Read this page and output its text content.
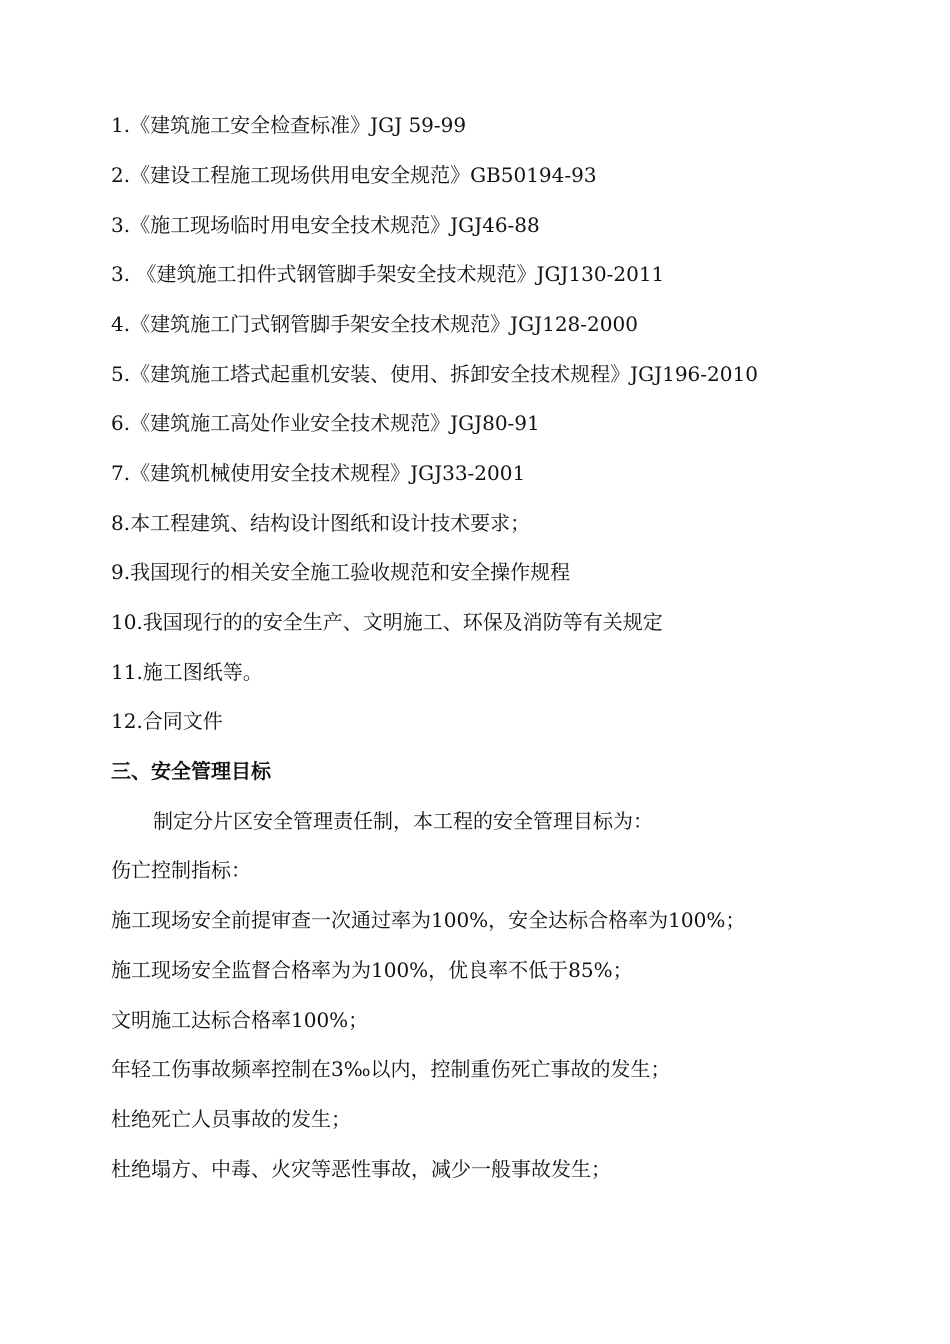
1.《建筑施工安全检查标准》JGJ 59-99
2.《建设工程施工现场供用电安全规范》GB50194-93
3.《施工现场临时用电安全技术规范》JGJ46-88
3. 《建筑施工扣件式钢管脚手架安全技术规范》JGJ130-2011
4.《建筑施工门式钢管脚手架安全技术规范》JGJ128-2000
5.《建筑施工塔式起重机安装、使用、拆卸安全技术规程》JGJ196-2010
6.《建筑施工高处作业安全技术规范》JGJ80-91
7.《建筑机械使用安全技术规程》JGJ33-2001
8.本工程建筑、结构设计图纸和设计技术要求；
9.我国现行的相关安全施工验收规范和安全操作规程
10.我国现行的的安全生产、文明施工、环保及消防等有关规定
11.施工图纸等。
12.合同文件
三、安全管理目标
制定分片区安全管理责任制，本工程的安全管理目标为：
伤亡控制指标：
施工现场安全前提审查一次通过率为100%，安全达标合格率为100%；
施工现场安全监督合格率为为100%，优良率不低于85%；
文明施工达标合格率100%；
年轻工伤事故频率控制在3‰以内，控制重伤死亡事故的发生；
杜绝死亡人员事故的发生；
杜绝塌方、中毒、火灾等恶性事故，减少一般事故发生；
